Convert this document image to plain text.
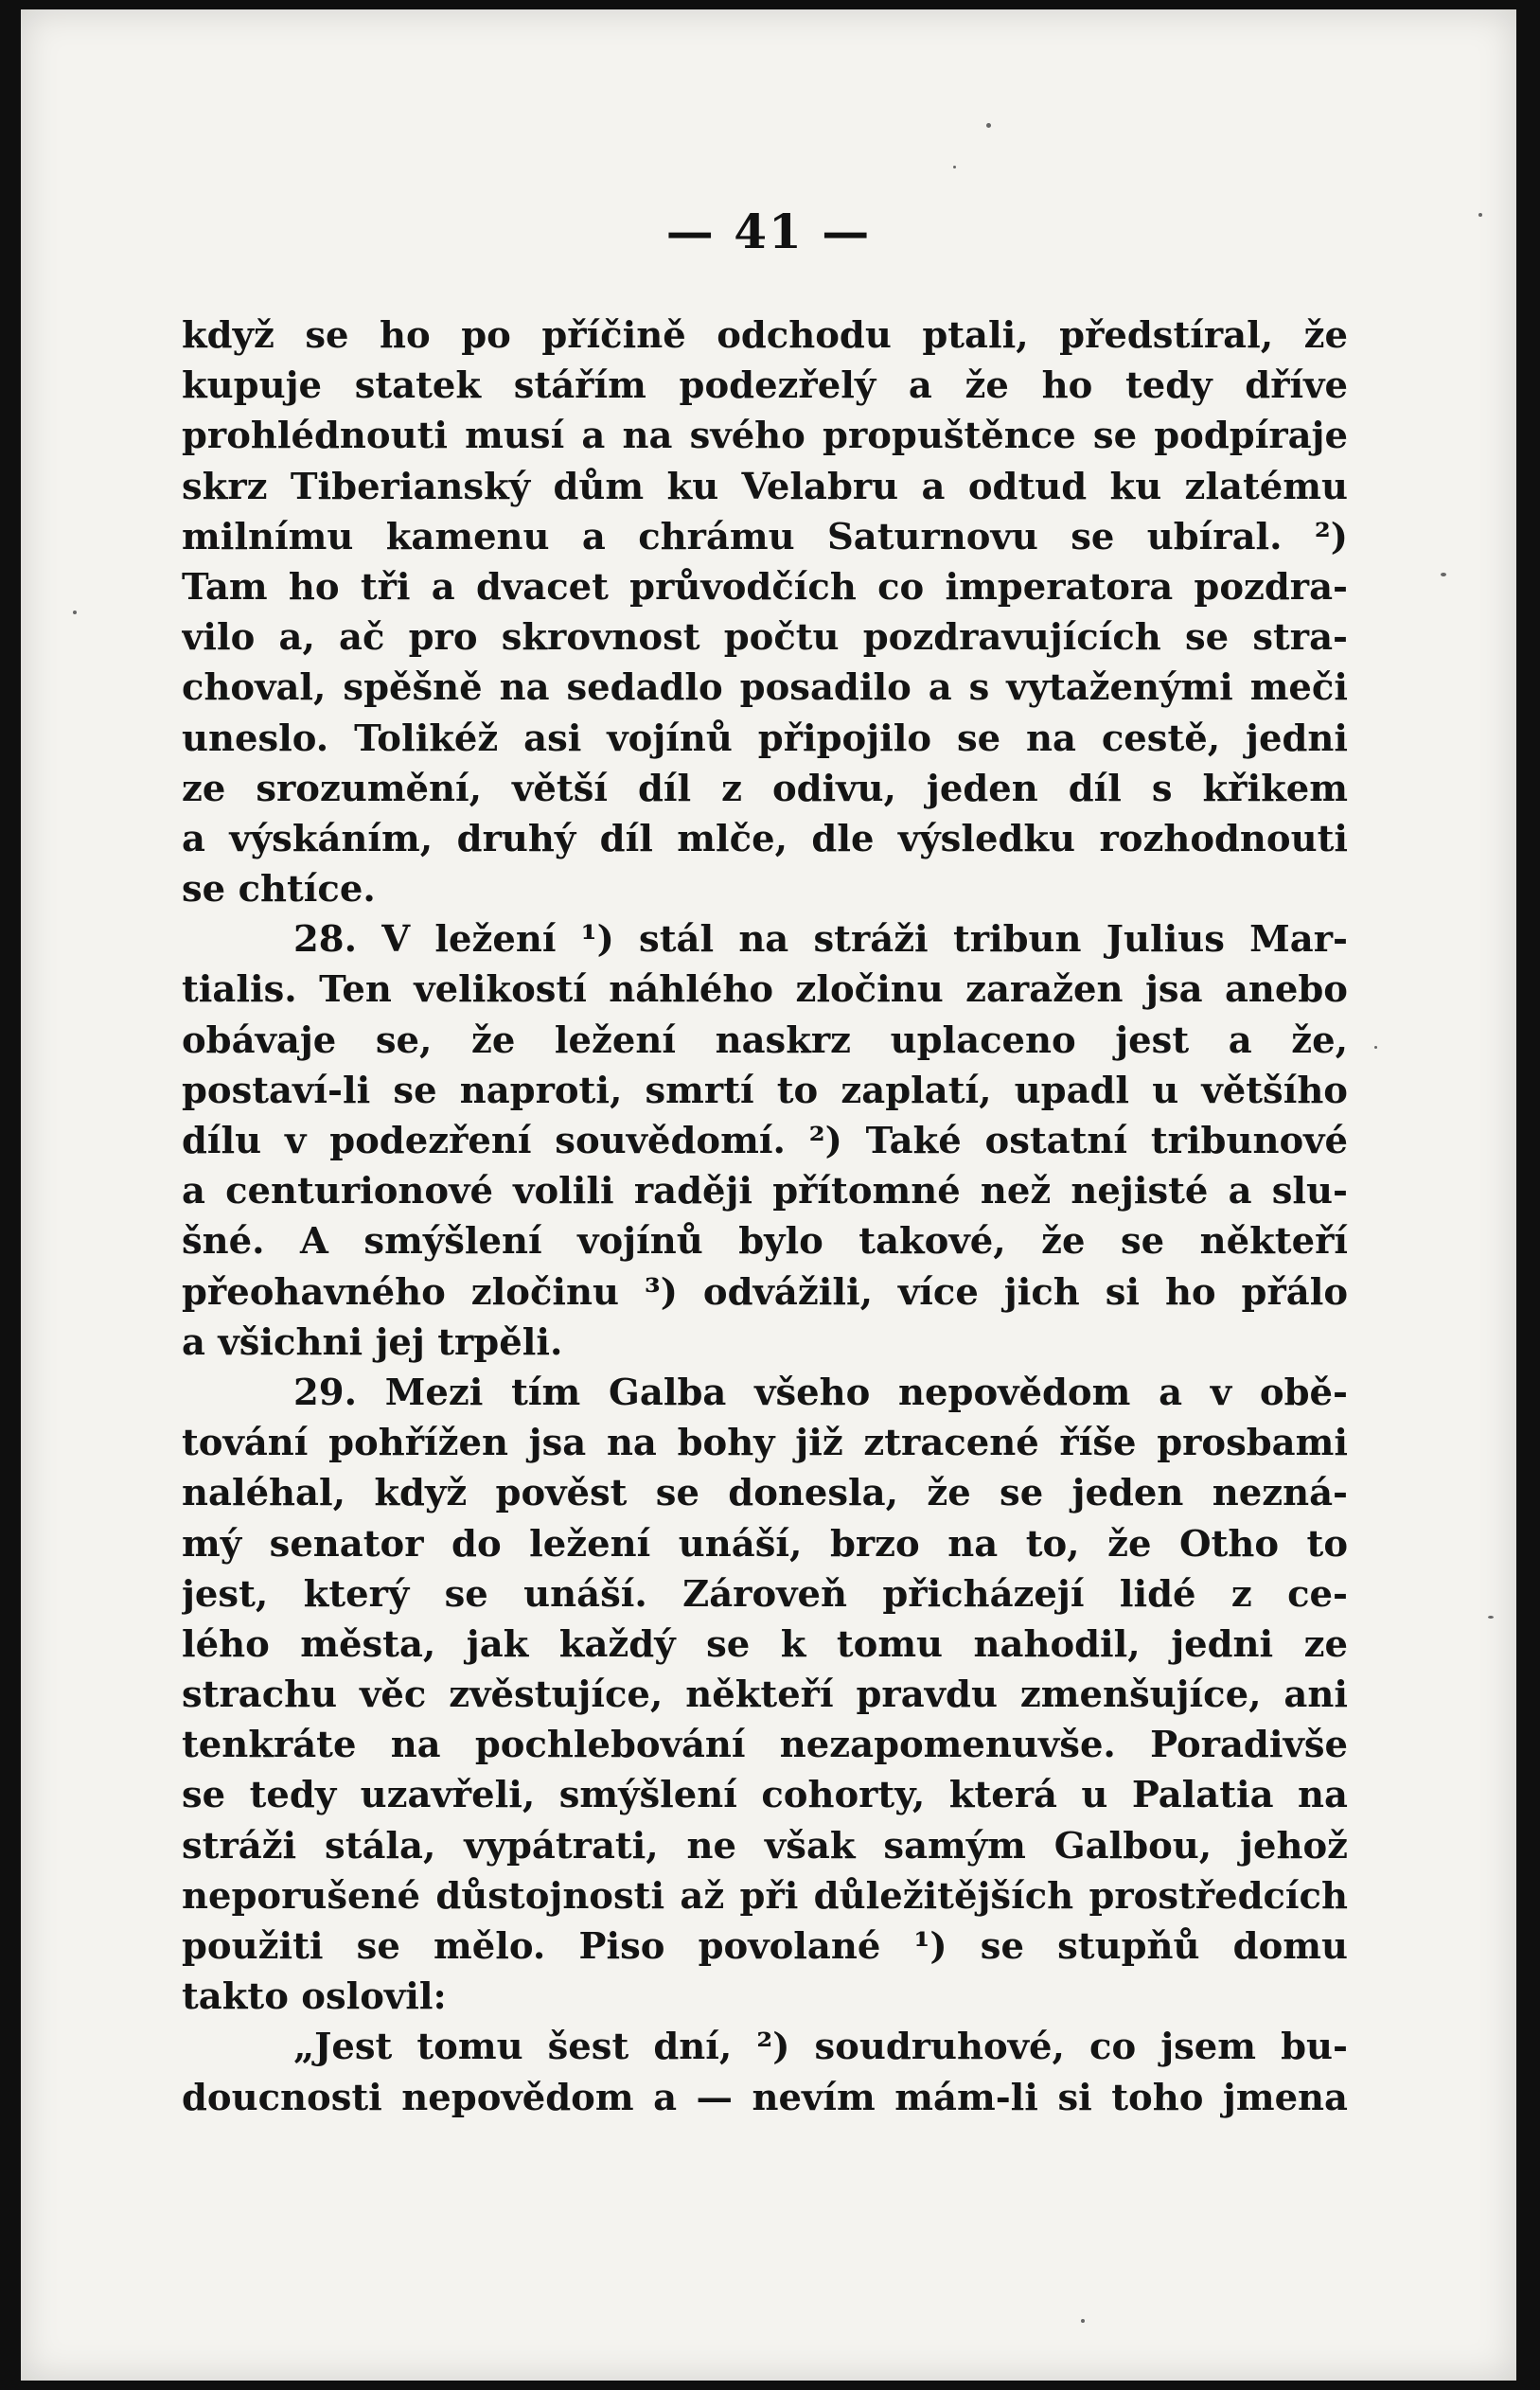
— 41 —
když se ho po příčině odchodu ptali, předstíral, že
kupuje statek stářím podezřelý a že ho tedy dříve
prohlédnouti musí a na svého propuštěnce se podpíraje
skrz Tiberianský dům ku Velabru a odtud ku zlatému
milnímu kamenu a chrámu Saturnovu se ubíral. ²)
Tam ho tři a dvacet průvodčích co imperatora pozdra-
vilo a, ač pro skrovnost počtu pozdravujících se stra-
choval, spěšně na sedadlo posadilo a s vytaženými meči
uneslo. Tolikéž asi vojínů připojilo se na cestě, jedni
ze srozumění, větší díl z odivu, jeden díl s křikem
a výskáním, druhý díl mlče, dle výsledku rozhodnouti
se chtíce.
28. V ležení ¹) stál na stráži tribun Julius Mar-
tialis. Ten velikostí náhlého zločinu zaražen jsa anebo
obávaje se, že ležení naskrz uplaceno jest a že,
postaví-li se naproti, smrtí to zaplatí, upadl u většího
dílu v podezření souvědomí. ²) Také ostatní tribunové
a centurionové volili raději přítomné než nejisté a slu-
šné. A smýšlení vojínů bylo takové, že se někteří
přeohavného zločinu ³) odvážili, více jich si ho přálo
a všichni jej trpěli.
29. Mezi tím Galba všeho nepovědom a v obě-
tování pohřížen jsa na bohy již ztracené říše prosbami
naléhal, když pověst se donesla, že se jeden nezná-
mý senator do ležení unáší, brzo na to, že Otho to
jest, který se unáší. Zároveň přicházejí lidé z ce-
lého města, jak každý se k tomu nahodil, jedni ze
strachu věc zvěstujíce, někteří pravdu zmenšujíce, ani
tenkráte na pochlebování nezapomenuvše. Poradivše
se tedy uzavřeli, smýšlení cohorty, která u Palatia na
stráži stála, vypátrati, ne však samým Galbou, jehož
neporušené důstojnosti až při důležitějších prostředcích
použiti se mělo. Piso povolané ¹) se stupňů domu
takto oslovil:
„Jest tomu šest dní, ²) soudruhové, co jsem bu-
doucnosti nepovědom a — nevím mám-li si toho jmena
